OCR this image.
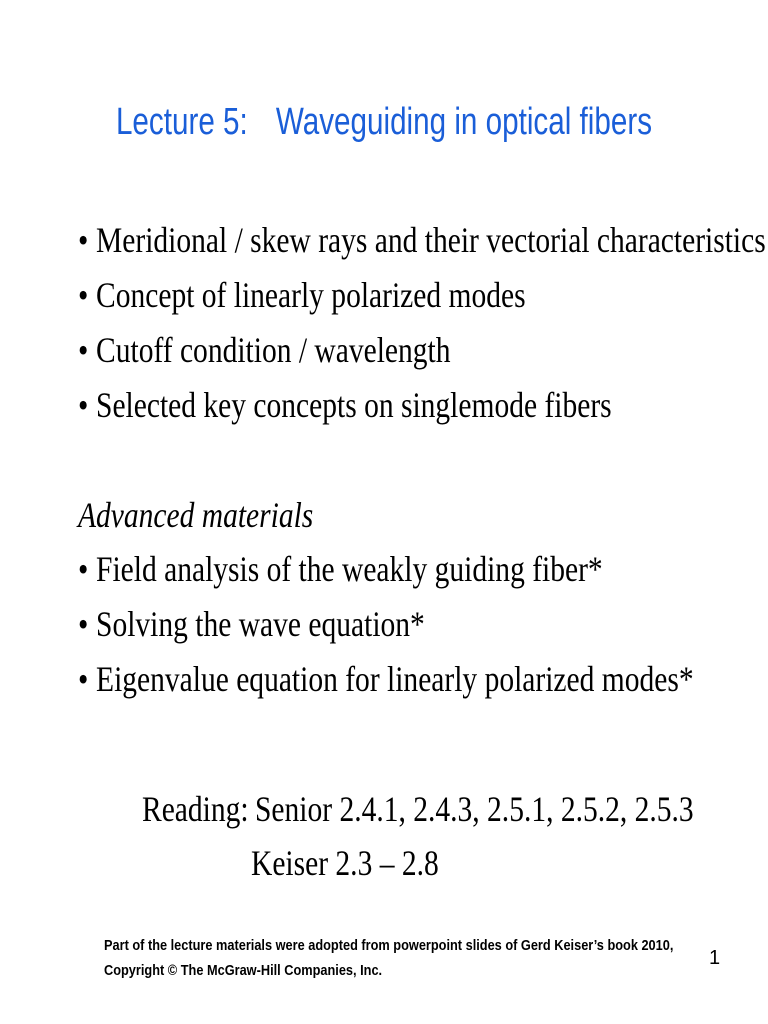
Lecture 5: Waveguiding in optical fibers
• Meridional / skew rays and their vectorial characteristics
• Concept of linearly polarized modes
• Cutoff condition / wavelength
• Selected key concepts on singlemode fibers
Advanced materials
• Field analysis of the weakly guiding fiber*
• Solving the wave equation*
• Eigenvalue equation for linearly polarized modes*
Reading: Senior 2.4.1, 2.4.3, 2.5.1, 2.5.2, 2.5.3
Keiser 2.3 – 2.8
Part of the lecture materials were adopted from powerpoint slides of Gerd Keiser’s book 2010,
Copyright © The McGraw-Hill Companies, Inc.
1
